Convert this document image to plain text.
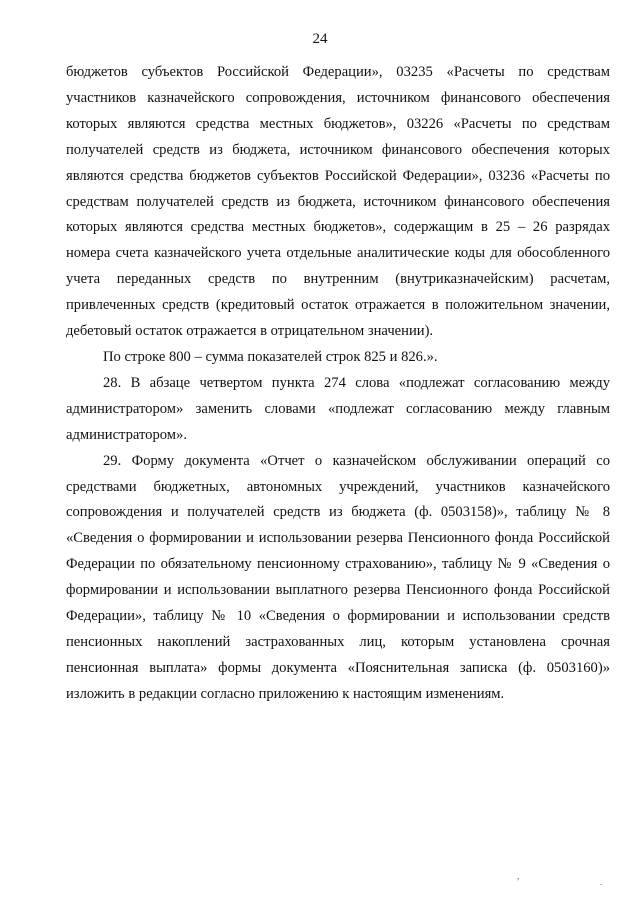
24

бюджетов субъектов Российской Федерации», 03235 «Расчеты по средствам участников казначейского сопровождения, источником финансового обеспечения которых являются средства местных бюджетов», 03226 «Расчеты по средствам получателей средств из бюджета, источником финансового обеспечения которых являются средства бюджетов субъектов Российской Федерации», 03236 «Расчеты по средствам получателей средств из бюджета, источником финансового обеспечения которых являются средства местных бюджетов», содержащим в 25 – 26 разрядах номера счета казначейского учета отдельные аналитические коды для обособленного учета переданных средств по внутренним (внутриказначейским) расчетам, привлеченных средств (кредитовый остаток отражается в положительном значении, дебетовый остаток отражается в отрицательном значении).

По строке 800 – сумма показателей строк 825 и 826.».

28. В абзаце четвертом пункта 274 слова «подлежат согласованию между администратором» заменить словами «подлежат согласованию между главным администратором».

29. Форму документа «Отчет о казначейском обслуживании операций со средствами бюджетных, автономных учреждений, участников казначейского сопровождения и получателей средств из бюджета (ф. 0503158)», таблицу № 8 «Сведения о формировании и использовании резерва Пенсионного фонда Российской Федерации по обязательному пенсионному страхованию», таблицу № 9 «Сведения о формировании и использовании выплатного резерва Пенсионного фонда Российской Федерации», таблицу № 10 «Сведения о формировании и использовании средств пенсионных накоплений застрахованных лиц, которым установлена срочная пенсионная выплата» формы документа «Пояснительная записка (ф. 0503160)» изложить в редакции согласно приложению к настоящим изменениям.

,
.
